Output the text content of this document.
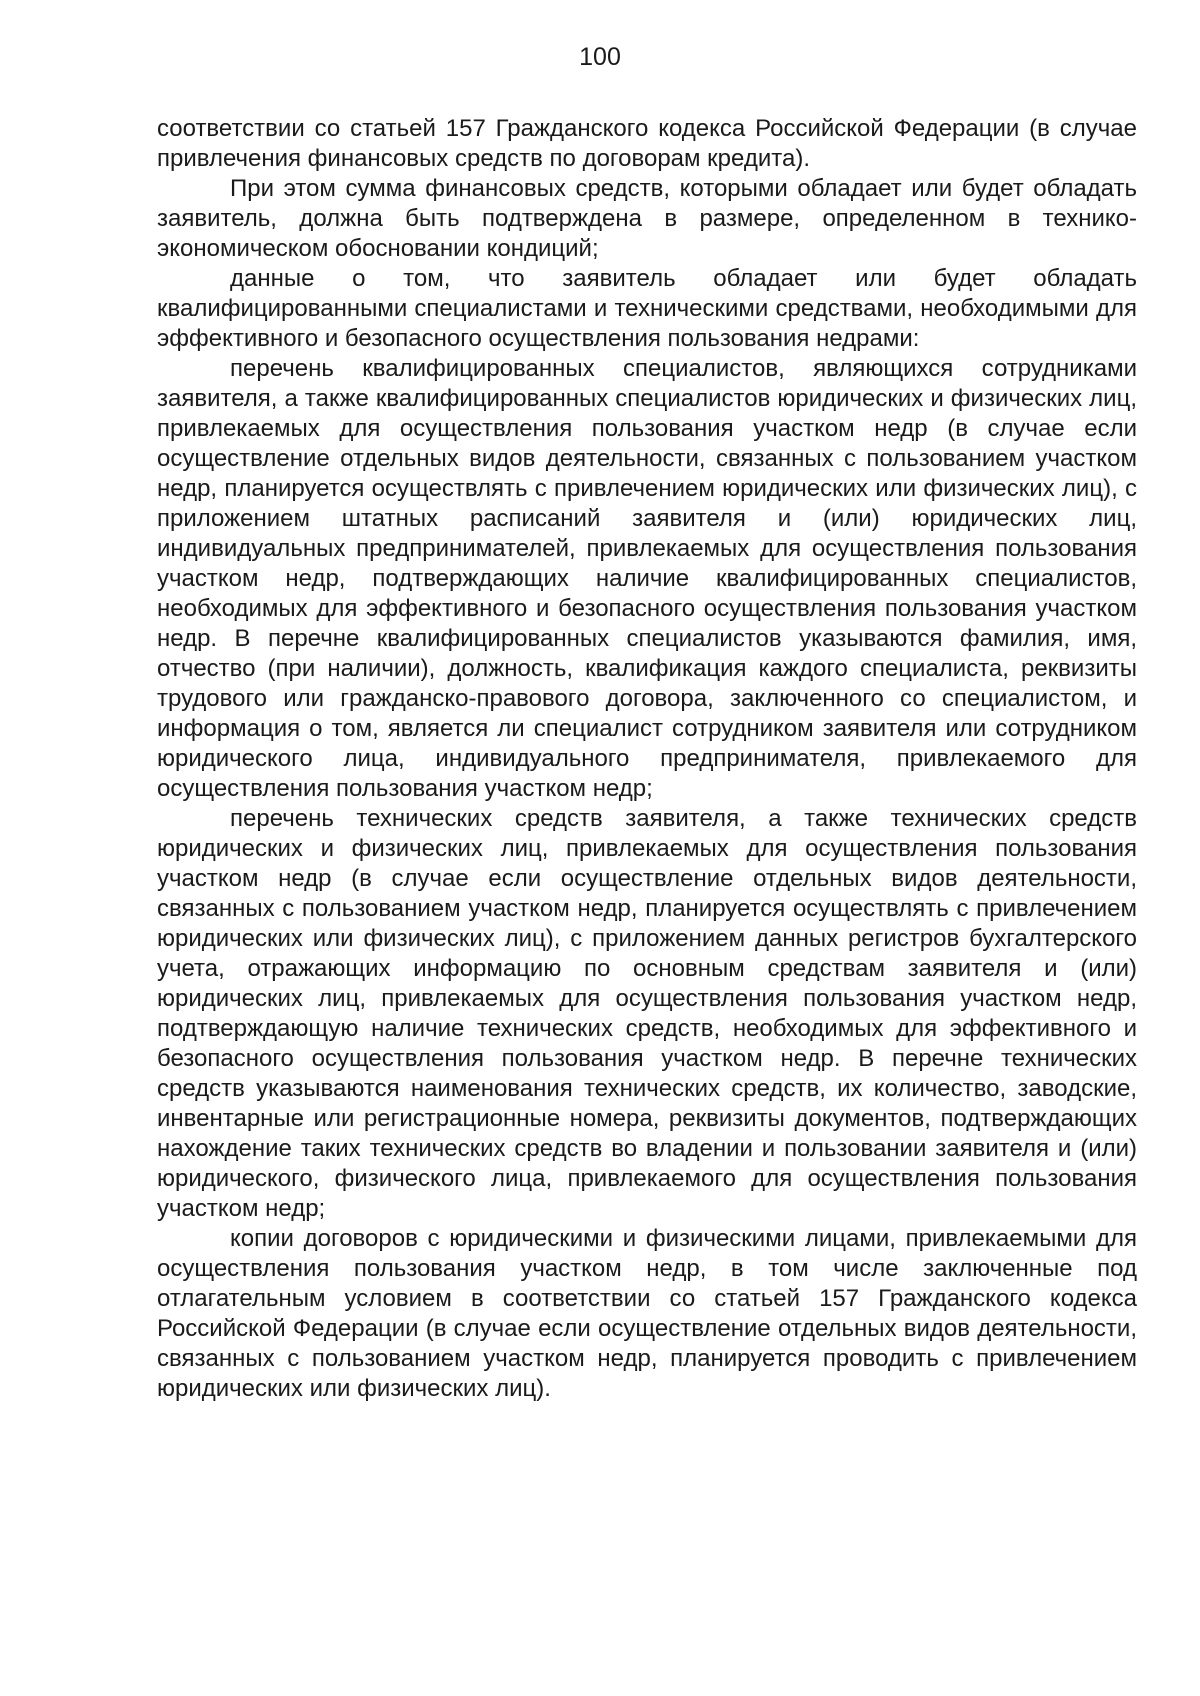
100

соответствии со статьей 157 Гражданского кодекса Российской Федерации (в случае привлечения финансовых средств по договорам кредита).

При этом сумма финансовых средств, которыми обладает или будет обладать заявитель, должна быть подтверждена в размере, определенном в технико-экономическом обосновании кондиций;

данные о том, что заявитель обладает или будет обладать квалифицированными специалистами и техническими средствами, необходимыми для эффективного и безопасного осуществления пользования недрами:

перечень квалифицированных специалистов, являющихся сотрудниками заявителя, а также квалифицированных специалистов юридических и физических лиц, привлекаемых для осуществления пользования участком недр (в случае если осуществление отдельных видов деятельности, связанных с пользованием участком недр, планируется осуществлять с привлечением юридических или физических лиц), с приложением штатных расписаний заявителя и (или) юридических лиц, индивидуальных предпринимателей, привлекаемых для осуществления пользования участком недр, подтверждающих наличие квалифицированных специалистов, необходимых для эффективного и безопасного осуществления пользования участком недр. В перечне квалифицированных специалистов указываются фамилия, имя, отчество (при наличии), должность, квалификация каждого специалиста, реквизиты трудового или гражданско-правового договора, заключенного со специалистом, и информация о том, является ли специалист сотрудником заявителя или сотрудником юридического лица, индивидуального предпринимателя, привлекаемого для осуществления пользования участком недр;

перечень технических средств заявителя, а также технических средств юридических и физических лиц, привлекаемых для осуществления пользования участком недр (в случае если осуществление отдельных видов деятельности, связанных с пользованием участком недр, планируется осуществлять с привлечением юридических или физических лиц), с приложением данных регистров бухгалтерского учета, отражающих информацию по основным средствам заявителя и (или) юридических лиц, привлекаемых для осуществления пользования участком недр, подтверждающую наличие технических средств, необходимых для эффективного и безопасного осуществления пользования участком недр. В перечне технических средств указываются наименования технических средств, их количество, заводские, инвентарные или регистрационные номера, реквизиты документов, подтверждающих нахождение таких технических средств во владении и пользовании заявителя и (или) юридического, физического лица, привлекаемого для осуществления пользования участком недр;

копии договоров с юридическими и физическими лицами, привлекаемыми для осуществления пользования участком недр, в том числе заключенные под отлагательным условием в соответствии со статьей 157 Гражданского кодекса Российской Федерации (в случае если осуществление отдельных видов деятельности, связанных с пользованием участком недр, планируется проводить с привлечением юридических или физических лиц).
